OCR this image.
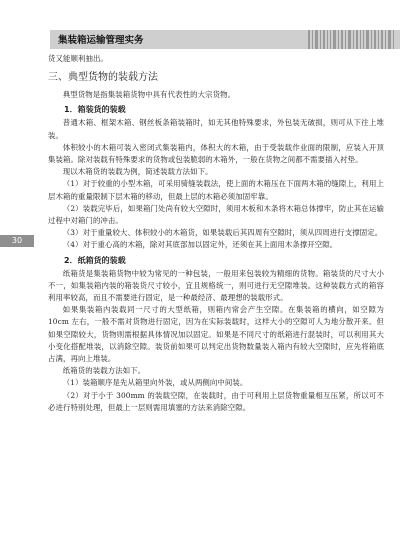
集装箱运输管理实务
30

货又能顺利抽出。

三、典型货物的装载方法

典型货物是指集装箱货物中具有代表性的大宗货物。

1．箱装货的装载

普通木箱、框架木箱、钢丝板条箱装箱时，如无其他特殊要求，外包装无破损，则可从下往上堆装。

体积较小的木箱可装入密闭式集装箱内，体积大的木箱，由于受装载作业面的限制，应装入开顶集装箱。除对装载有特殊要求的货物或包装脆弱的木箱外，一般在货物之间都不需要插入衬垫。

现以木箱货的装载为例，简述装载方法如下。

（1）对于较重的小型木箱，可采用骑缝装载法，使上面的木箱压在下面两木箱的缝隙上，利用上层木箱的重量限制下层木箱的移动，但最上层的木箱必须加固牢靠。

（2）装载完毕后，如果箱门处尚有较大空隙时，须用木板和木条将木箱总体撑牢，防止其在运输过程中对箱门的冲击。

（3）对于重量较大、体积较小的木箱货，如果装载后其四周有空隙时，须从四周进行支撑固定。

（4）对于重心高的木箱，除对其底部加以固定外，还须在其上面用木条撑开空隙。

2．纸箱货的装载

纸箱货是集装箱货物中较为常见的一种包装，一般用来包装较为精细的货物。箱装货的尺寸大小不一，如集装箱内装的箱装货尺寸较小，宜且规格统一，则可进行无空隙堆装。这种装载方式的箱容利用率较高，而且不需要进行固定，是一种最经济、最理想的装载形式。

如果集装箱内装载同一尺寸的大型纸箱，则箱内常会产生空隙。在集装箱的横向，如空隙为 10cm 左右，一般不需对货物进行固定，因为在实际装载时，这样大小的空隙可人为地分散开来。但如果空隙较大，货物则需根据具体情况加以固定。如果是不同尺寸的纸箱进行混装时，可以利用其大小变化搭配堆装，以消除空隙。装货前如果可以判定出货物数量装入箱内有较大空隙时，应先将箱底占满，再向上堆装。

纸箱货的装载方法如下。

（1）装箱顺序是先从箱里向外装，或从两侧向中间装。

（2）对于小于 300mm 的装载空隙，在装载时，由于可利用上层货物重量相互压紧，所以可不必进行特别处理，但最上一层则需用填塞的方法来消除空隙。
